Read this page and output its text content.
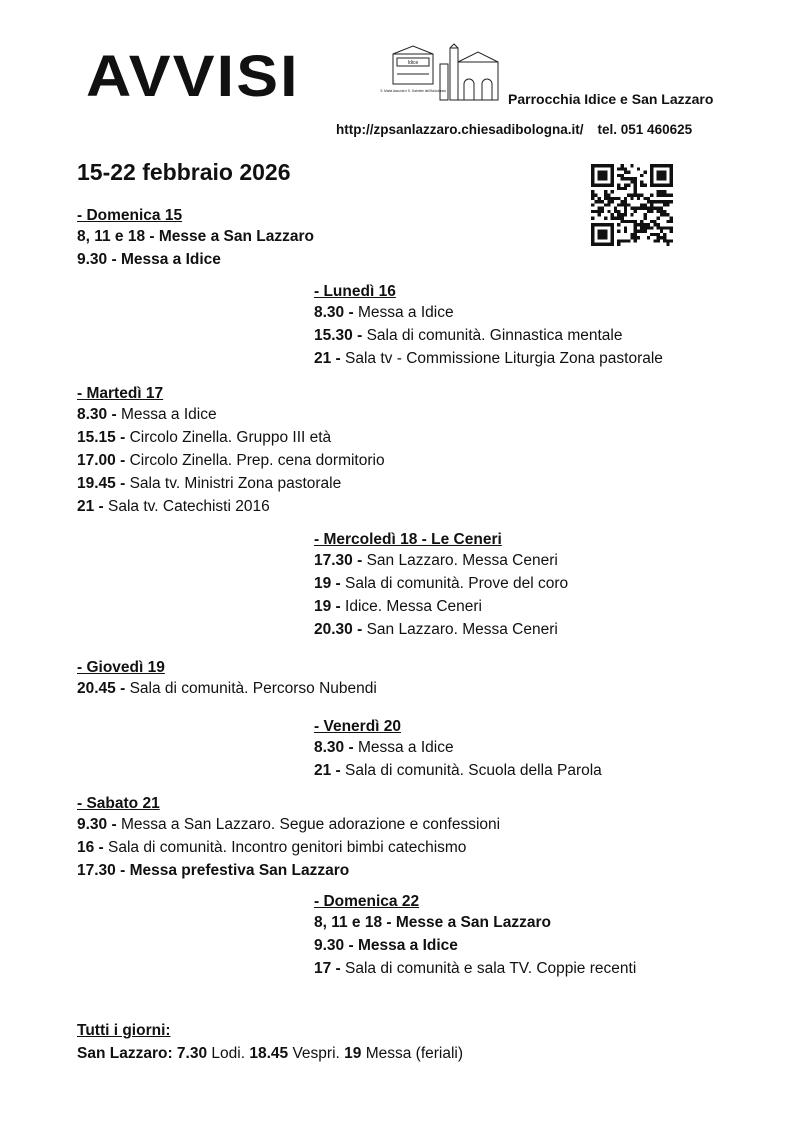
AVVISI	Idice
S. Maria Assunta e S. Gabriele dell'Addolorata	Parrocchia Idice e San Lazzaro
http://zpsanlazzaro.chiesadibologna.it/ tel. 051 460625
15-22 febbraio 2026
- Domenica 15
8, 11 e 18 - Messe a San Lazzaro
9.30 - Messa a Idice
- Lunedì 16
8.30 - Messa a Idice
15.30 - Sala di comunità. Ginnastica mentale
21 - Sala tv - Commissione Liturgia Zona pastorale
- Martedì 17
8.30 - Messa a Idice
15.15 - Circolo Zinella. Gruppo III età
17.00 - Circolo Zinella. Prep. cena dormitorio
19.45 - Sala tv. Ministri Zona pastorale
21 - Sala tv. Catechisti 2016
- Mercoledì 18 - Le Ceneri
17.30 - San Lazzaro. Messa Ceneri
19 - Sala di comunità. Prove del coro
19 - Idice. Messa Ceneri
20.30 - San Lazzaro. Messa Ceneri
- Giovedì 19
20.45 - Sala di comunità. Percorso Nubendi
- Venerdì 20
8.30 - Messa a Idice
21 - Sala di comunità. Scuola della Parola
- Sabato 21
9.30 - Messa a San Lazzaro. Segue adorazione e confessioni
16 - Sala di comunità. Incontro genitori bimbi catechismo
17.30 - Messa prefestiva San Lazzaro
- Domenica 22
8, 11 e 18 - Messe a San Lazzaro
9.30 - Messa a Idice
17 - Sala di comunità e sala TV. Coppie recenti
Tutti i giorni:
San Lazzaro: 7.30 Lodi. 18.45 Vespri. 19 Messa (feriali)
